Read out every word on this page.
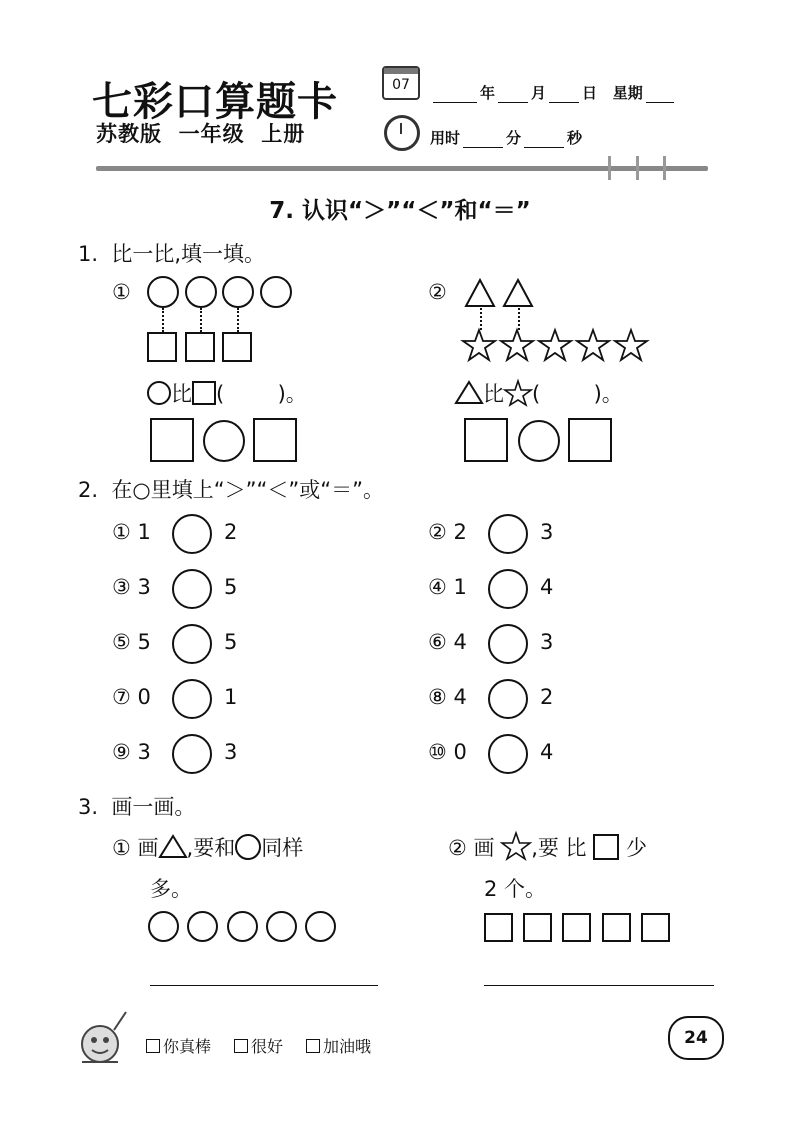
七彩口算题卡
苏教版  一年级  上册
07	年 月 日 星期
用时	分	秒
7. 认识“＞”“＜”和“＝”
1.  比一比,填一填。
①
比 (        )。
②
比 (        )。
2.  在○里填上“＞”“＜”或“＝”。
① 1	2	② 2	3
③ 3	5	④ 1	4
⑤ 5	5	⑥ 4	3
⑦ 0	1	⑧ 4	2
⑨ 3	3	⑩ 0	4
3.  画一画。
① 画 ,要和 同样
多。
② 画 ,要 比 少
2 个。
你真棒	很好	加油哦	24
